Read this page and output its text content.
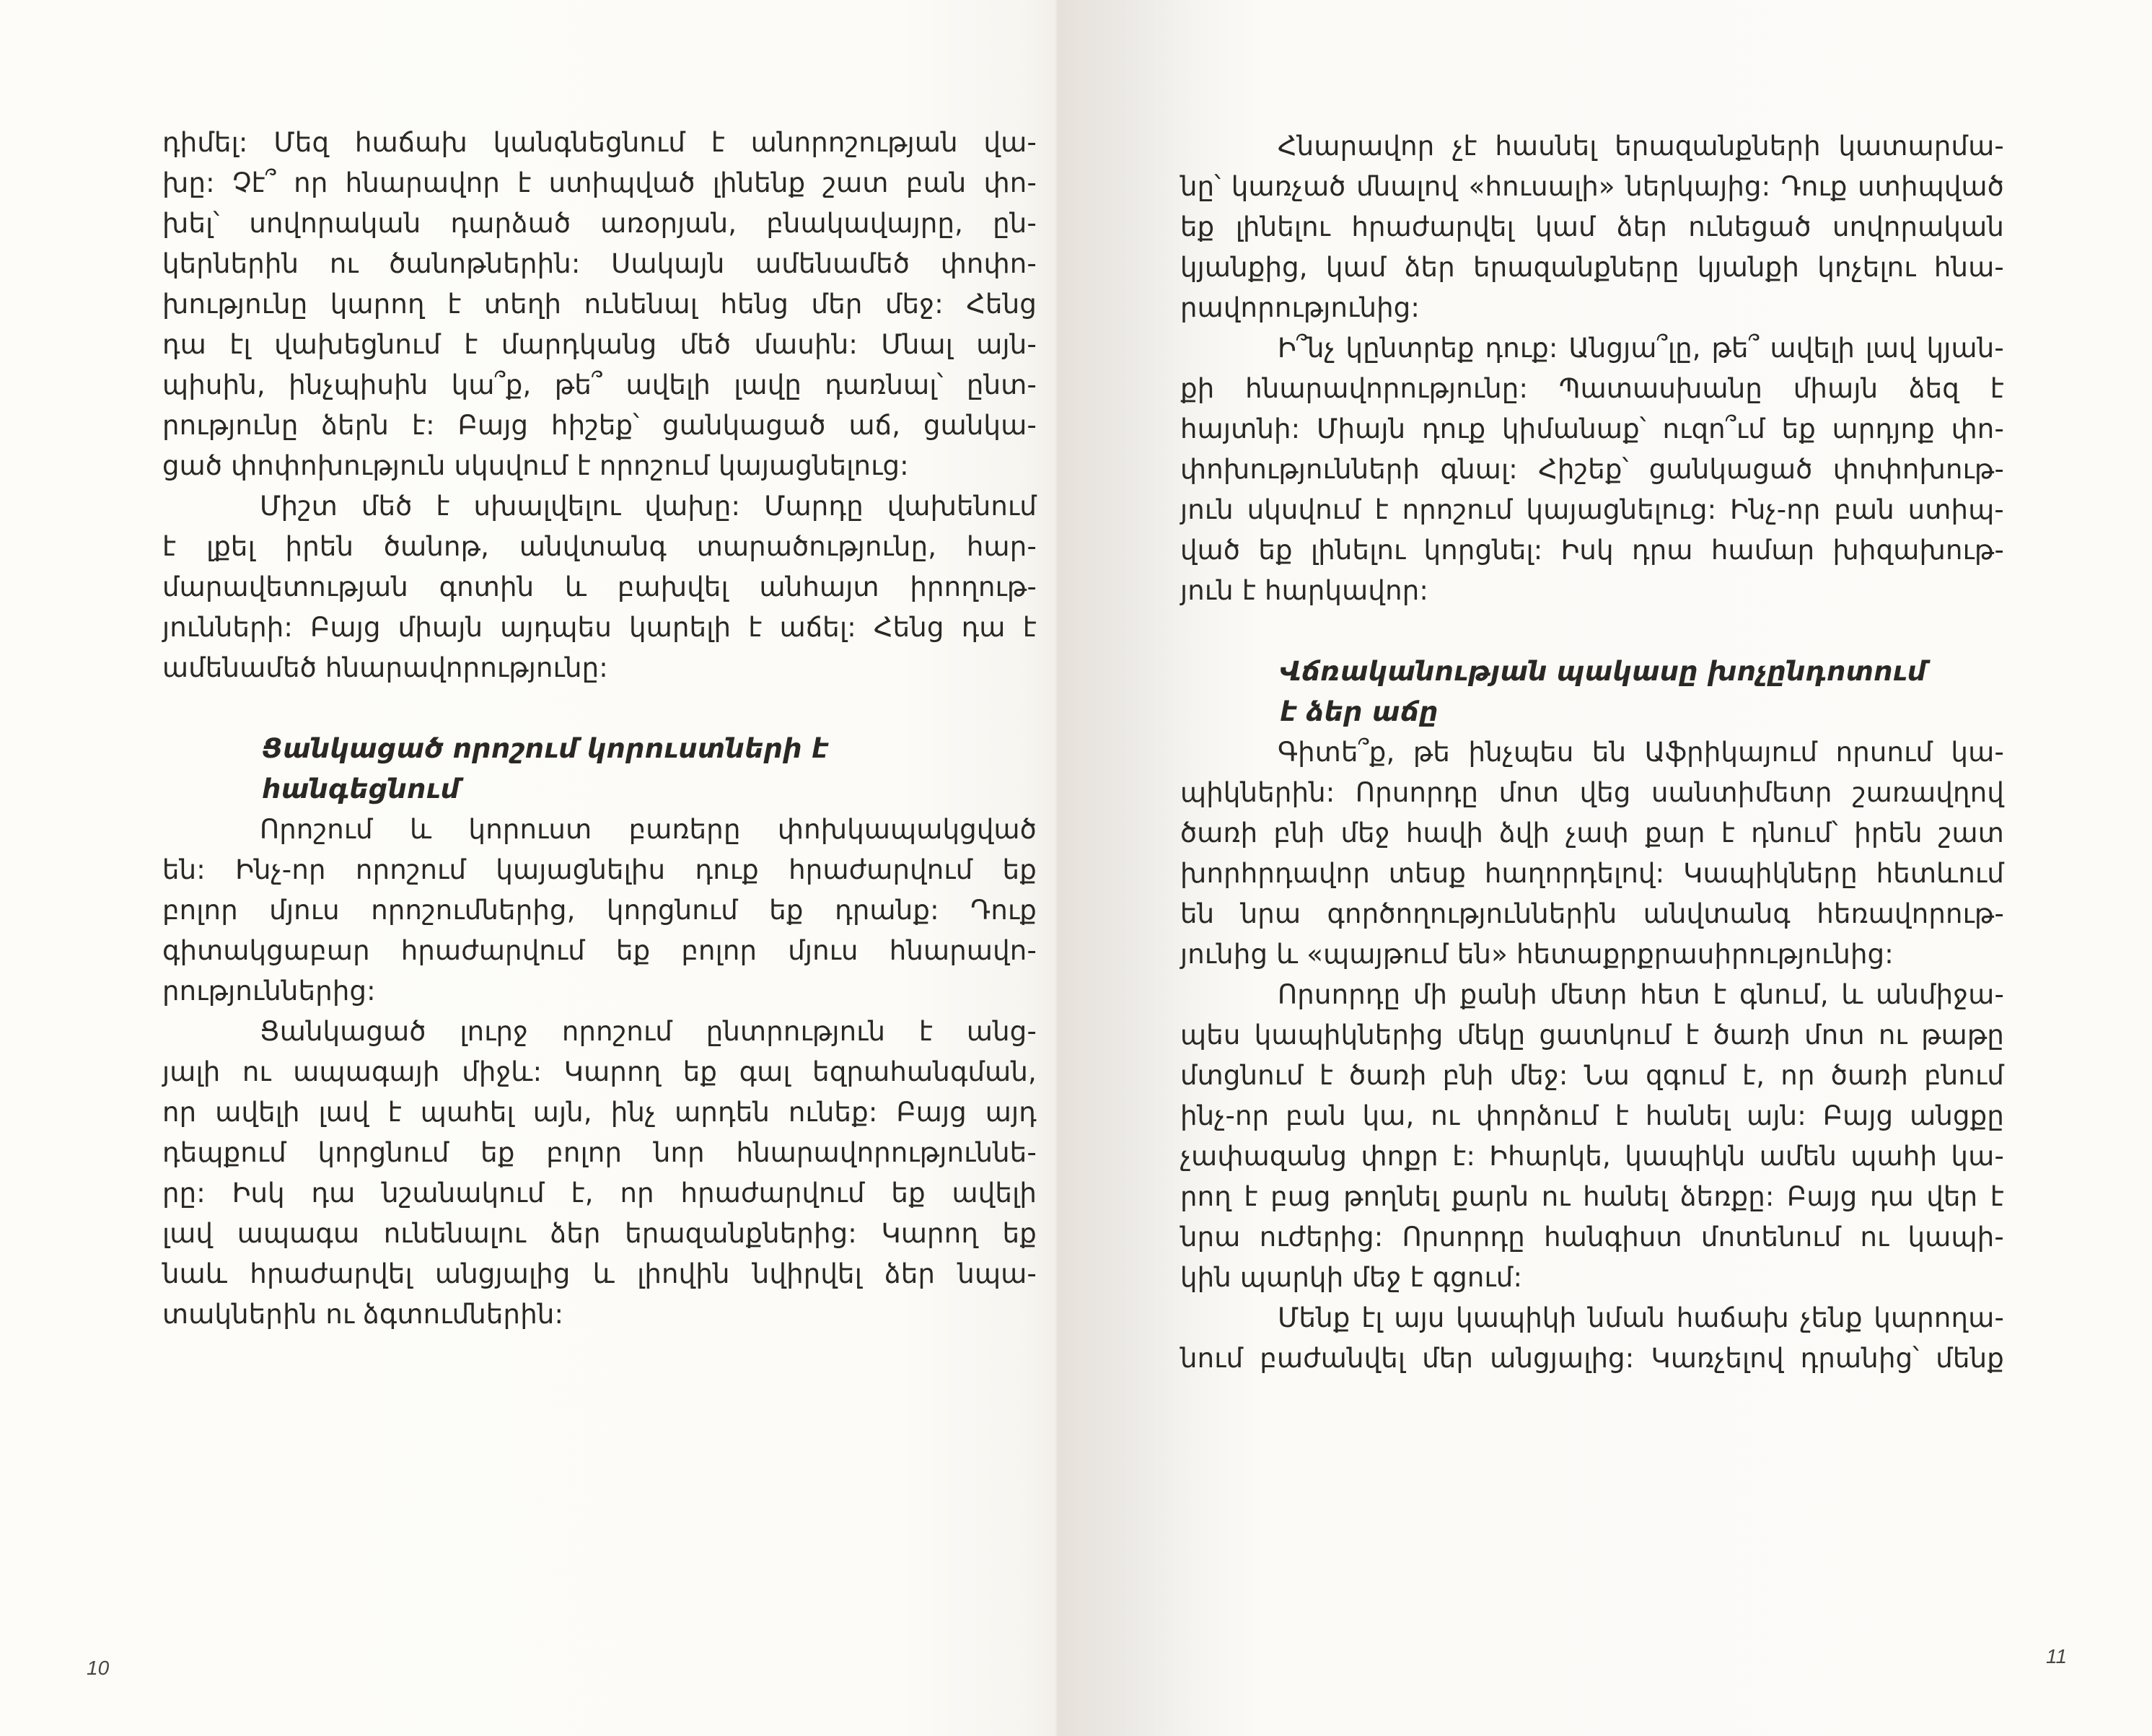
դիմել: Մեզ հաճախ կանգնեցնում է անորոշության վա-
խը: Չէ՞ որ հնարավոր է ստիպված լինենք շատ բան փո-
խել՝ սովորական դարձած առօրյան, բնակավայրը, ըն-
կերներին ու ծանոթներին: Սակայն ամենամեծ փոփո-
խությունը կարող է տեղի ունենալ հենց մեր մեջ: Հենց
դա էլ վախեցնում է մարդկանց մեծ մասին: Մնալ այն-
պիսին, ինչպիսին կա՞ք, թե՞ ավելի լավը դառնալ՝ ընտ-
րությունը ձերն է: Բայց հիշեք՝ ցանկացած աճ, ցանկա-
ցած փոփոխություն սկսվում է որոշում կայացնելուց:
Միշտ մեծ է սխալվելու վախը: Մարդը վախենում
է լքել իրեն ծանոթ, անվտանգ տարածությունը, հար-
մարավետության գոտին և բախվել անհայտ իրողութ-
յունների: Բայց միայն այդպես կարելի է աճել: Հենց դա է
ամենամեծ հնարավորությունը:
Ցանկացած որոշում կորուստների է
հանգեցնում
Որոշում և կորուստ բառերը փոխկապակցված
են: Ինչ-որ որոշում կայացնելիս դուք հրաժարվում եք
բոլոր մյուս որոշումներից, կորցնում եք դրանք: Դուք
գիտակցաբար հրաժարվում եք բոլոր մյուս հնարավո-
րություններից:
Ցանկացած լուրջ որոշում ընտրություն է անց-
յալի ու ապագայի միջև: Կարող եք գալ եզրահանգման,
որ ավելի լավ է պահել այն, ինչ արդեն ունեք: Բայց այդ
դեպքում կորցնում եք բոլոր նոր հնարավորություննե-
րը: Իսկ դա նշանակում է, որ հրաժարվում եք ավելի
լավ ապագա ունենալու ձեր երազանքներից: Կարող եք
նաև հրաժարվել անցյալից և լիովին նվիրվել ձեր նպա-
տակներին ու ձգտումներին:
10
Հնարավոր չէ հասնել երազանքների կատարմա-
նը՝ կառչած մնալով «հուսալի» ներկայից: Դուք ստիպված
եք լինելու հրաժարվել կամ ձեր ունեցած սովորական
կյանքից, կամ ձեր երազանքները կյանքի կոչելու հնա-
րավորությունից:
Ի՞նչ կընտրեք դուք: Անցյա՞լը, թե՞ ավելի լավ կյան-
քի հնարավորությունը: Պատասխանը միայն ձեզ է
հայտնի: Միայն դուք կիմանաք՝ ուզո՞ւմ եք արդյոք փո-
փոխությունների գնալ: Հիշեք՝ ցանկացած փոփոխութ-
յուն սկսվում է որոշում կայացնելուց: Ինչ-որ բան ստիպ-
ված եք լինելու կորցնել: Իսկ դրա համար խիզախութ-
յուն է հարկավոր:
Վճռականության պակասը խոչընդոտում
է ձեր աճը
Գիտե՞ք, թե ինչպես են Աֆրիկայում որսում կա-
պիկներին: Որսորդը մոտ վեց սանտիմետր շառավղով
ծառի բնի մեջ հավի ձվի չափ քար է դնում՝ իրեն շատ
խորհրդավոր տեսք հաղորդելով: Կապիկները հետևում
են նրա գործողություններին անվտանգ հեռավորութ-
յունից և «պայթում են» հետաքրքրասիրությունից:
Որսորդը մի քանի մետր հետ է գնում, և անմիջա-
պես կապիկներից մեկը ցատկում է ծառի մոտ ու թաթը
մտցնում է ծառի բնի մեջ: Նա զգում է, որ ծառի բնում
ինչ-որ բան կա, ու փորձում է հանել այն: Բայց անցքը
չափազանց փոքր է: Իհարկե, կապիկն ամեն պահի կա-
րող է բաց թողնել քարն ու հանել ձեռքը: Բայց դա վեր է
նրա ուժերից: Որսորդը հանգիստ մոտենում ու կապի-
կին պարկի մեջ է գցում:
Մենք էլ այս կապիկի նման հաճախ չենք կարողա-
նում բաժանվել մեր անցյալից: Կառչելով դրանից՝ մենք
11
